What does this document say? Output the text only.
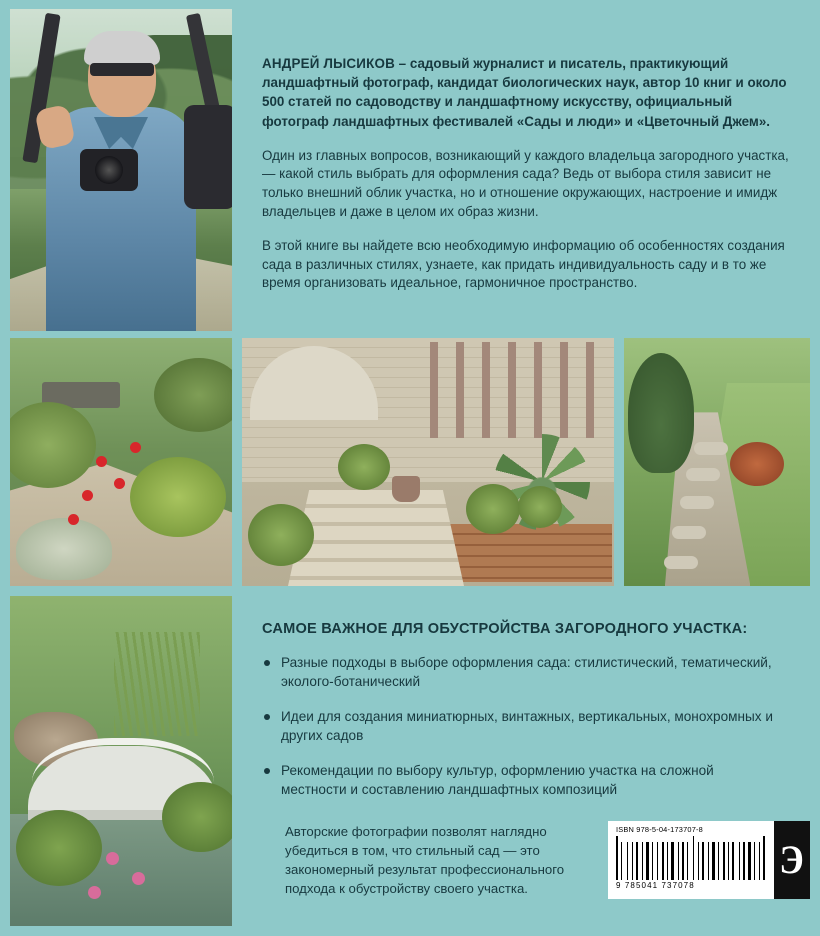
АНДРЕЙ ЛЫСИКОВ – садовый журналист и писатель, практикующий ландшафтный фотограф, кандидат биологических наук, автор 10 книг и около 500 статей по садоводству и ландшафтному искусству, официальный фотограф ландшафтных фестивалей «Сады и люди» и «Цветочный Джем».

Один из главных вопросов, возникающий у каждого владельца загородного участка, — какой стиль выбрать для оформления сада? Ведь от выбора стиля зависит не только внешний облик участка, но и отношение окружающих, настроение и имидж владельцев и даже в целом их образ жизни.

В этой книге вы найдете всю необходимую информацию об особенностях создания сада в различных стилях, узнаете, как придать индивидуальность саду и в то же время организовать идеальное, гармоничное пространство.

САМОЕ ВАЖНОЕ ДЛЯ ОБУСТРОЙСТВА ЗАГОРОДНОГО УЧАСТКА:
Разные подходы в выборе оформления сада: стилистический, тематический, эколого-ботанический
Идеи для создания миниатюрных, винтажных, вертикальных, монохромных и других садов
Рекомендации по выбору культур, оформлению участка на сложной местности и составлению ландшафтных композиций
Авторские фотографии позволят наглядно убедиться в том, что стильный сад — это закономерный результат профессионального подхода к обустройству своего участка.
ISBN 978-5-04-173707-8
9 785041 737078
Э
